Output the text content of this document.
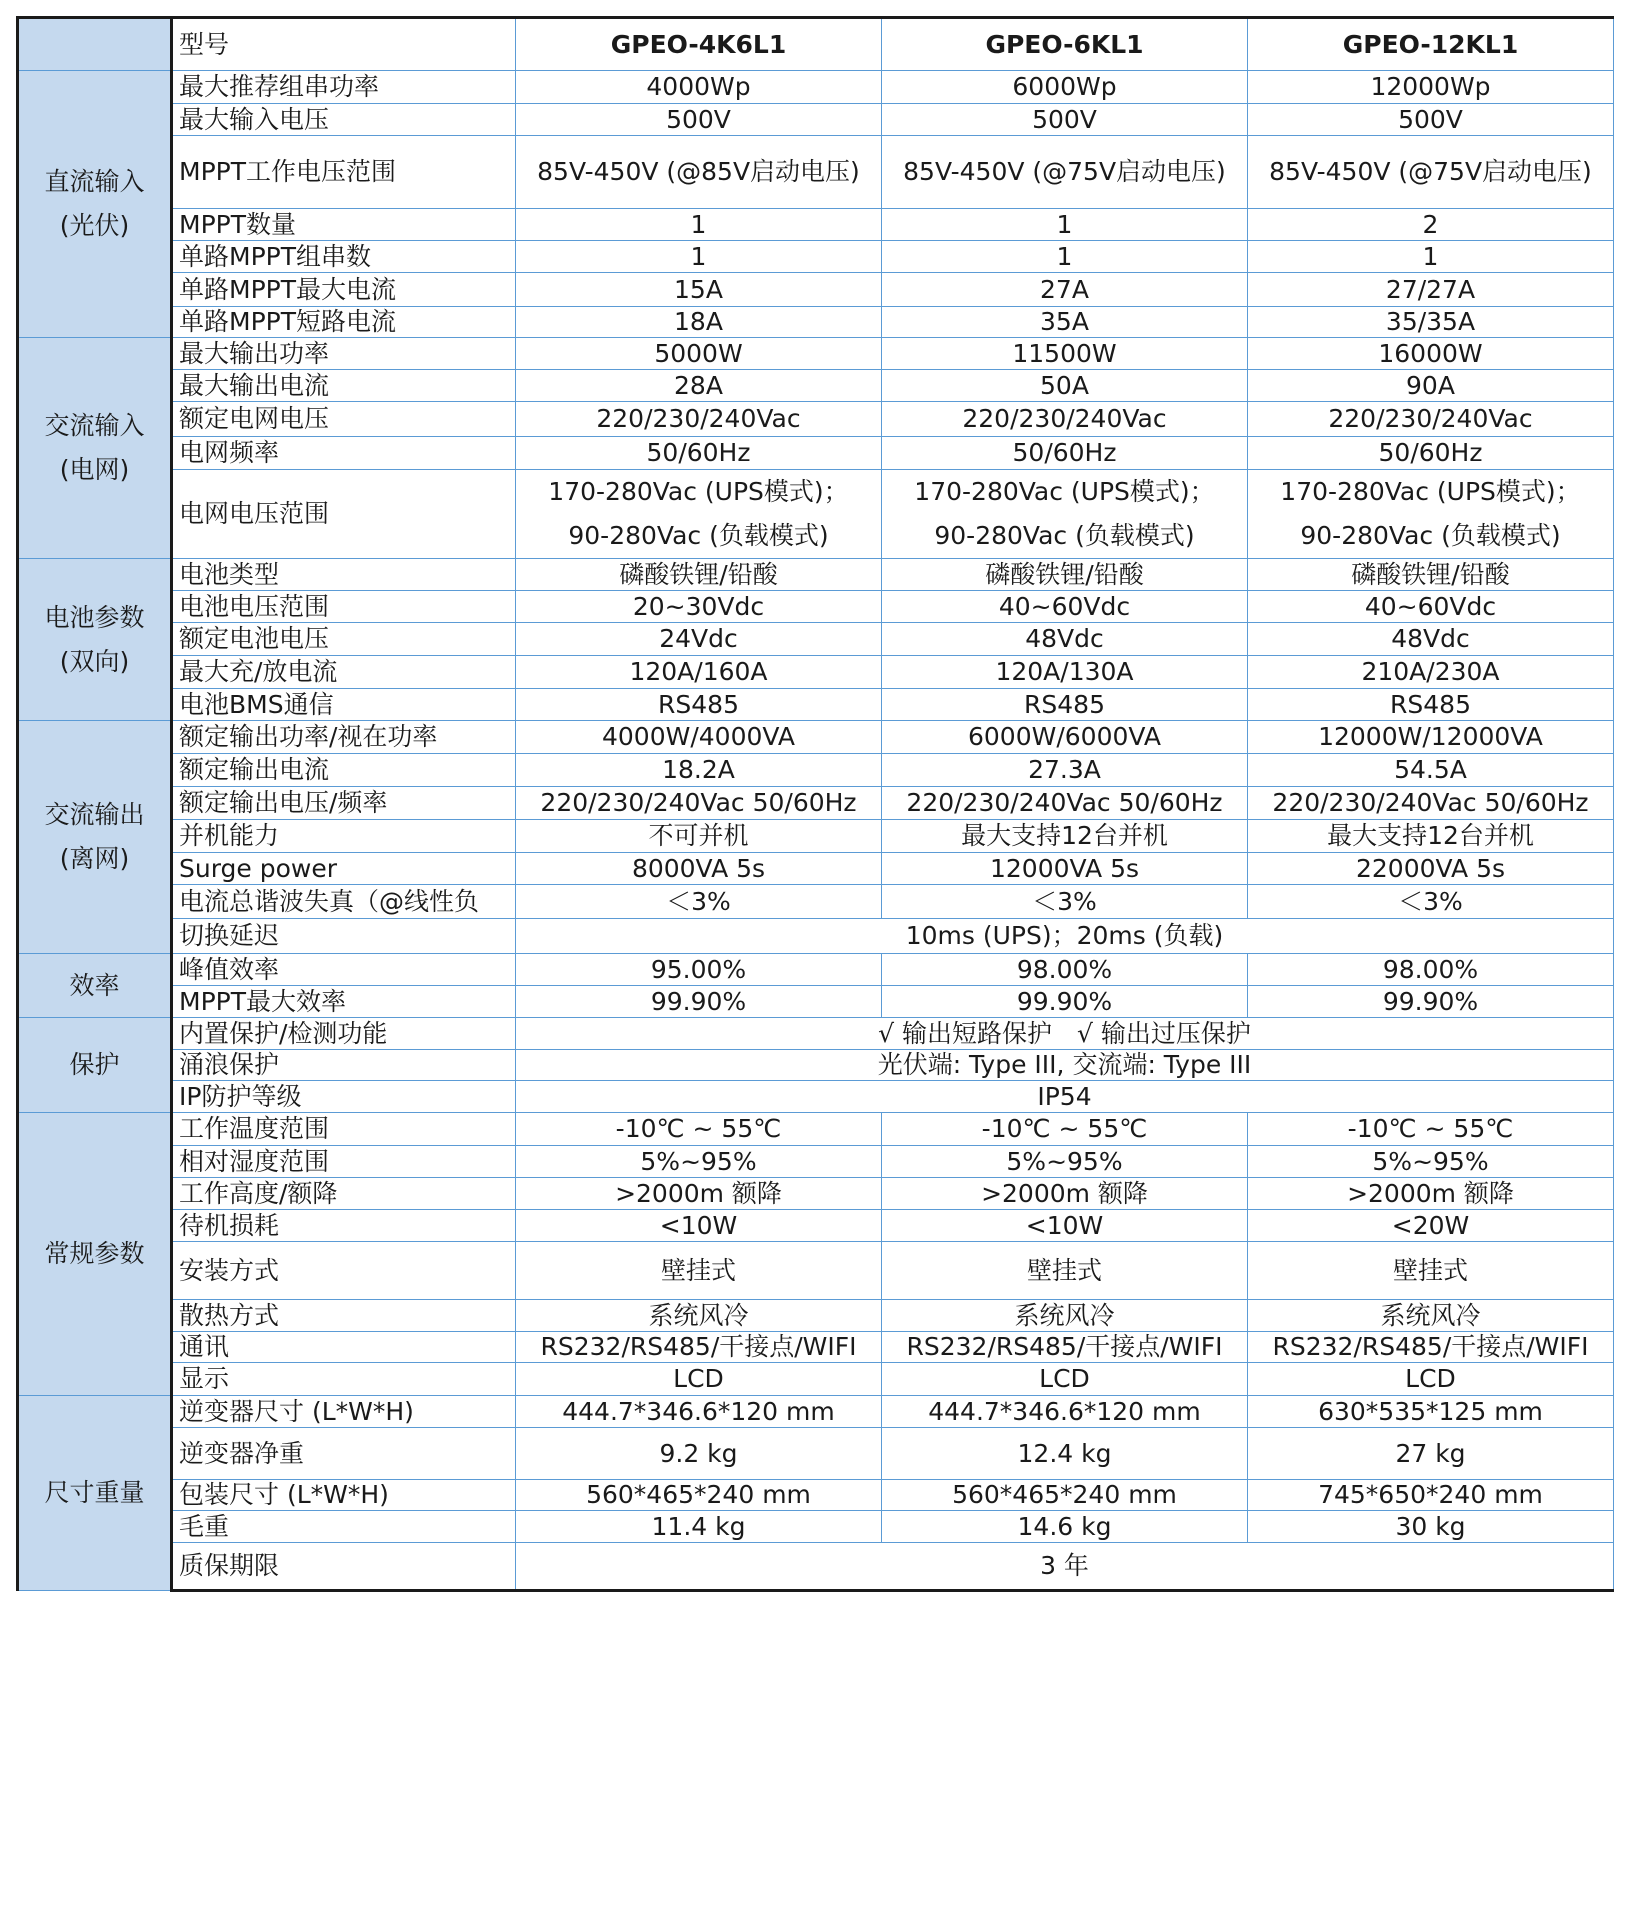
	型号	GPEO-4K6L1	GPEO-6KL1	GPEO-12KL1

直流输入
(光伏)	最大推荐组串功率	4000Wp	6000Wp	12000Wp
	最大输入电压	500V	500V	500V
	MPPT工作电压范围	85V-450V (@85V启动电压)	85V-450V (@75V启动电压)	85V-450V (@75V启动电压)
	MPPT数量	1	1	2
	单路MPPT组串数	1	1	1
	单路MPPT最大电流	15A	27A	27/27A
	单路MPPT短路电流	18A	35A	35/35A

交流输入
(电网)	最大输出功率	5000W	11500W	16000W
	最大输出电流	28A	50A	90A
	额定电网电压	220/230/240Vac	220/230/240Vac	220/230/240Vac
	电网频率	50/60Hz	50/60Hz	50/60Hz
	电网电压范围	170-280Vac (UPS模式)；
90-280Vac (负载模式)	170-280Vac (UPS模式)；
90-280Vac (负载模式)	170-280Vac (UPS模式)；
90-280Vac (负载模式)

电池参数
(双向)	电池类型	磷酸铁锂/铅酸	磷酸铁锂/铅酸	磷酸铁锂/铅酸
	电池电压范围	20~30Vdc	40~60Vdc	40~60Vdc
	额定电池电压	24Vdc	48Vdc	48Vdc
	最大充/放电流	120A/160A	120A/130A	210A/230A
	电池BMS通信	RS485	RS485	RS485

交流输出
(离网)	额定输出功率/视在功率	4000W/4000VA	6000W/6000VA	12000W/12000VA
	额定输出电流	18.2A	27.3A	54.5A
	额定输出电压/频率	220/230/240Vac 50/60Hz	220/230/240Vac 50/60Hz	220/230/240Vac 50/60Hz
	并机能力	不可并机	最大支持12台并机	最大支持12台并机
	Surge power	8000VA 5s	12000VA 5s	22000VA 5s
	电流总谐波失真（@线性负	＜3%	＜3%	＜3%
	切换延迟	10ms (UPS)；20ms (负载)		

效率	峰值效率	95.00%	98.00%	98.00%
	MPPT最大效率	99.90%	99.90%	99.90%

保护	内置保护/检测功能	√ 输出短路保护　√ 输出过压保护		
	涌浪保护	光伏端: Type III, 交流端: Type III		
	IP防护等级	IP54		

常规参数	工作温度范围	-10℃ ~ 55℃	-10℃ ~ 55℃	-10℃ ~ 55℃
	相对湿度范围	5%~95%	5%~95%	5%~95%
	工作高度/额降	>2000m 额降	>2000m 额降	>2000m 额降
	待机损耗	<10W	<10W	<20W
	安装方式	壁挂式	壁挂式	壁挂式
	散热方式	系统风冷	系统风冷	系统风冷
	通讯	RS232/RS485/干接点/WIFI	RS232/RS485/干接点/WIFI	RS232/RS485/干接点/WIFI
	显示	LCD	LCD	LCD

尺寸重量	逆变器尺寸 (L*W*H)	444.7*346.6*120 mm	444.7*346.6*120 mm	630*535*125 mm
	逆变器净重	9.2 kg	12.4 kg	27 kg
	包装尺寸 (L*W*H)	560*465*240 mm	560*465*240 mm	745*650*240 mm
	毛重	11.4 kg	14.6 kg	30 kg
	质保期限	3 年		
